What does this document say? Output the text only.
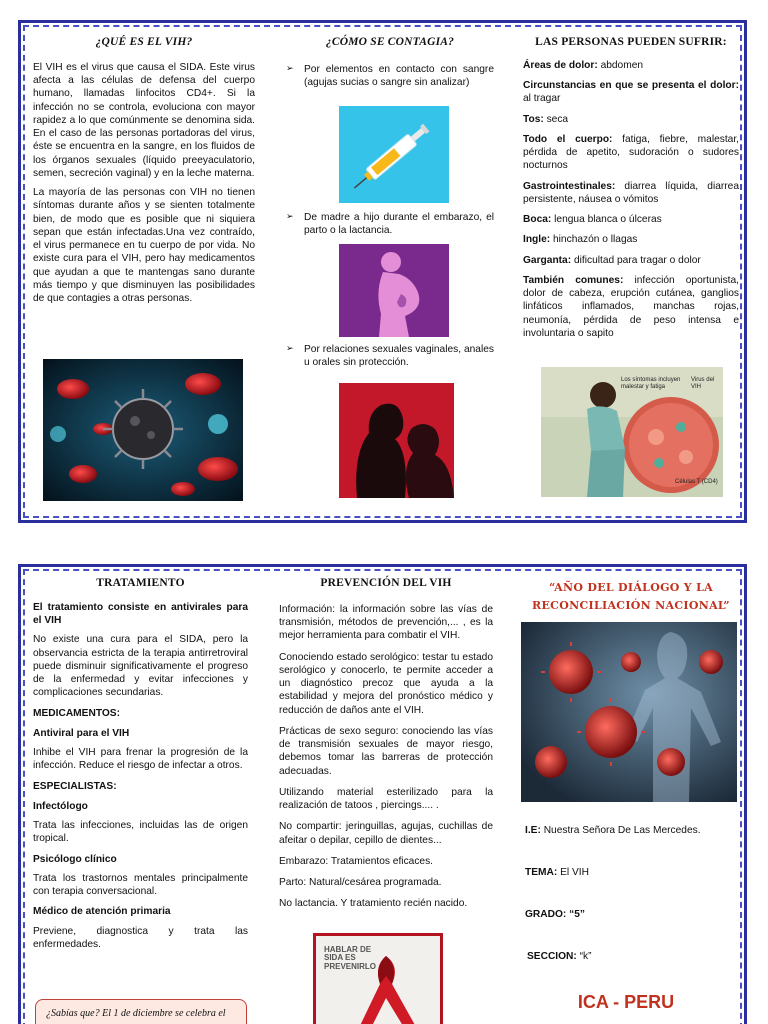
¿QUÉ ES EL VIH?

El VIH es el virus que causa el SIDA. Este virus afecta a las células de defensa del cuerpo humano, llamadas linfocitos CD4+. Si la infección no se controla, evoluciona con mayor rapidez a lo que comúnmente se denomina sida. En el caso de las personas portadoras del virus, éste se encuentra en la sangre, en los fluidos de los órganos sexuales (líquido preeyaculatorio, semen, secreción vaginal) y en la leche materna.

La mayoría de las personas con VIH no tienen síntomas durante años y se sienten totalmente bien, de modo que es posible que ni siquiera sepan que están infectadas.Una vez contraído, el virus permanece en tu cuerpo de por vida. No existe cura para el VIH, pero hay medicamentos que ayudan a que te mantengas sano durante más tiempo y que disminuyen las posibilidades de que contagies a otras personas.

¿CÓMO SE CONTAGIA?
➢ Por elementos en contacto con sangre (agujas sucias o sangre sin analizar)
➢ De madre a hijo durante el embarazo, el parto o la lactancia.
➢ Por relaciones sexuales vaginales, anales u orales sin protección.
LAS PERSONAS PUEDEN SUFRIR:

Áreas de dolor: abdomen

Circunstancias en que se presenta el dolor: al tragar

Tos: seca

Todo el cuerpo: fatiga, fiebre, malestar, pérdida de apetito, sudoración o sudores nocturnos

Gastrointestinales: diarrea líquida, diarrea persistente, náusea o vómitos

Boca: lengua blanca o úlceras

Ingle: hinchazón o llagas

Garganta: dificultad para tragar o dolor

También comunes: infección oportunista, dolor de cabeza, erupción cutánea, ganglios linfáticos inflamados, manchas rojas, neumonía, pérdida de peso intensa e involuntaria o sapito

Los síntomas incluyen malestar y fatiga
Virus del VIH
Células T (CD4)
TRATAMIENTO

El tratamiento consiste en antivirales para el VIH

No existe una cura para el SIDA, pero la observancia estricta de la terapia antirretroviral puede disminuir significativamente el progreso de la enfermedad y evitar infecciones y complicaciones secundarias.

MEDICAMENTOS:

Antiviral para el VIH

Inhibe el VIH para frenar la progresión de la infección. Reduce el riesgo de infectar a otros.

ESPECIALISTAS:

Infectólogo

Trata las infecciones, incluidas las de origen tropical.

Psicólogo clínico

Trata los trastornos mentales principalmente con terapia conversacional.

Médico de atención primaria

Previene, diagnostica y trata las enfermedades.

¿Sabías que? El 1 de diciembre se celebra el
PREVENCIÓN DEL VIH

Información: la información sobre las vías de transmisión, métodos de prevención,... , es la mejor herramienta para combatir el VIH.

Conociendo estado serológico: testar tu estado serológico y conocerlo, te permite acceder a un diagnóstico precoz que ayuda a la estabilidad y mejora del pronóstico médico y reducción de daños ante el VIH.

Prácticas de sexo seguro: conociendo las vías de transmisión sexuales de mayor riesgo, debemos tomar las barreras de protección adecuadas.

Utilizando material esterilizado para la realización de tatoos , piercings.... .

No compartir: jeringuillas, agujas, cuchillas de afeitar o depilar, cepillo de dientes...

Embarazo: Tratamientos eficaces.

Parto: Natural/cesárea programada.

No lactancia. Y tratamiento recién nacido.

HABLAR DE SIDA ES PREVENIRLO
“AÑO DEL DIÁLOGO Y LA
RECONCILIACIÓN NACIONAL”
I.E: Nuestra Señora De Las Mercedes.
TEMA: El VIH
GRADO: “5”
SECCION: “k”
ICA - PERU
